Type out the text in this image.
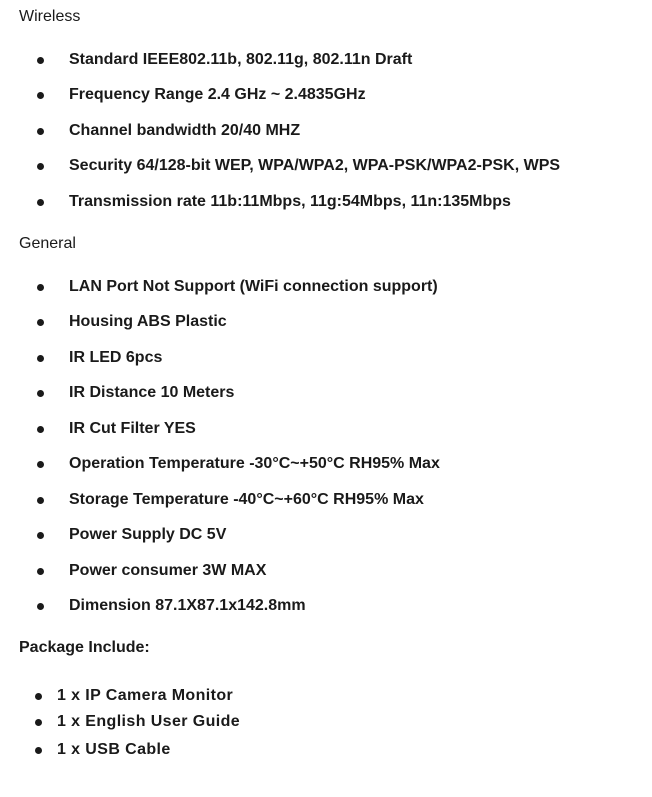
Wireless
Standard IEEE802.11b, 802.11g, 802.11n Draft
Frequency Range 2.4 GHz ~ 2.4835GHz
Channel bandwidth 20/40 MHZ
Security 64/128-bit WEP, WPA/WPA2, WPA-PSK/WPA2-PSK, WPS
Transmission rate 11b:11Mbps, 11g:54Mbps, 11n:135Mbps
General
LAN Port Not Support (WiFi connection support)
Housing ABS Plastic
IR LED 6pcs
IR Distance 10 Meters
IR Cut Filter YES
Operation Temperature -30°C~+50°C RH95% Max
Storage Temperature -40°C~+60°C RH95% Max
Power Supply DC 5V
Power consumer 3W MAX
Dimension 87.1X87.1x142.8mm
Package Include:
1 x IP Camera Monitor
1 x English User Guide
1 x USB Cable
